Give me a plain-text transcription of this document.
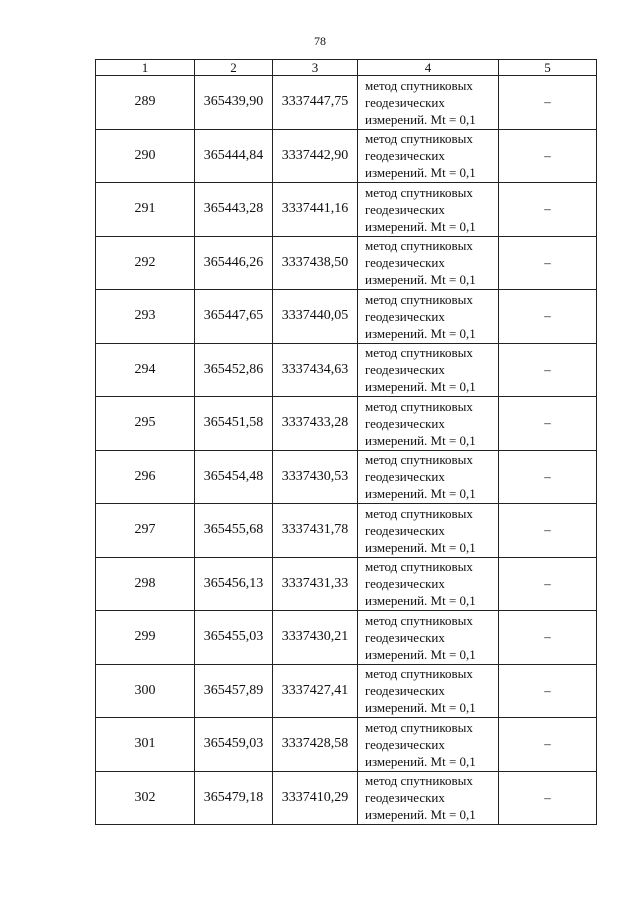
78
1	2	3	4	5
289	365439,90	3337447,75	метод спутниковых
геодезических
измерений. Mt = 0,1	–
290	365444,84	3337442,90	метод спутниковых
геодезических
измерений. Mt = 0,1	–
291	365443,28	3337441,16	метод спутниковых
геодезических
измерений. Mt = 0,1	–
292	365446,26	3337438,50	метод спутниковых
геодезических
измерений. Mt = 0,1	–
293	365447,65	3337440,05	метод спутниковых
геодезических
измерений. Mt = 0,1	–
294	365452,86	3337434,63	метод спутниковых
геодезических
измерений. Mt = 0,1	–
295	365451,58	3337433,28	метод спутниковых
геодезических
измерений. Mt = 0,1	–
296	365454,48	3337430,53	метод спутниковых
геодезических
измерений. Mt = 0,1	–
297	365455,68	3337431,78	метод спутниковых
геодезических
измерений. Mt = 0,1	–
298	365456,13	3337431,33	метод спутниковых
геодезических
измерений. Mt = 0,1	–
299	365455,03	3337430,21	метод спутниковых
геодезических
измерений. Mt = 0,1	–
300	365457,89	3337427,41	метод спутниковых
геодезических
измерений. Mt = 0,1	–
301	365459,03	3337428,58	метод спутниковых
геодезических
измерений. Mt = 0,1	–
302	365479,18	3337410,29	метод спутниковых
геодезических
измерений. Mt = 0,1	–
